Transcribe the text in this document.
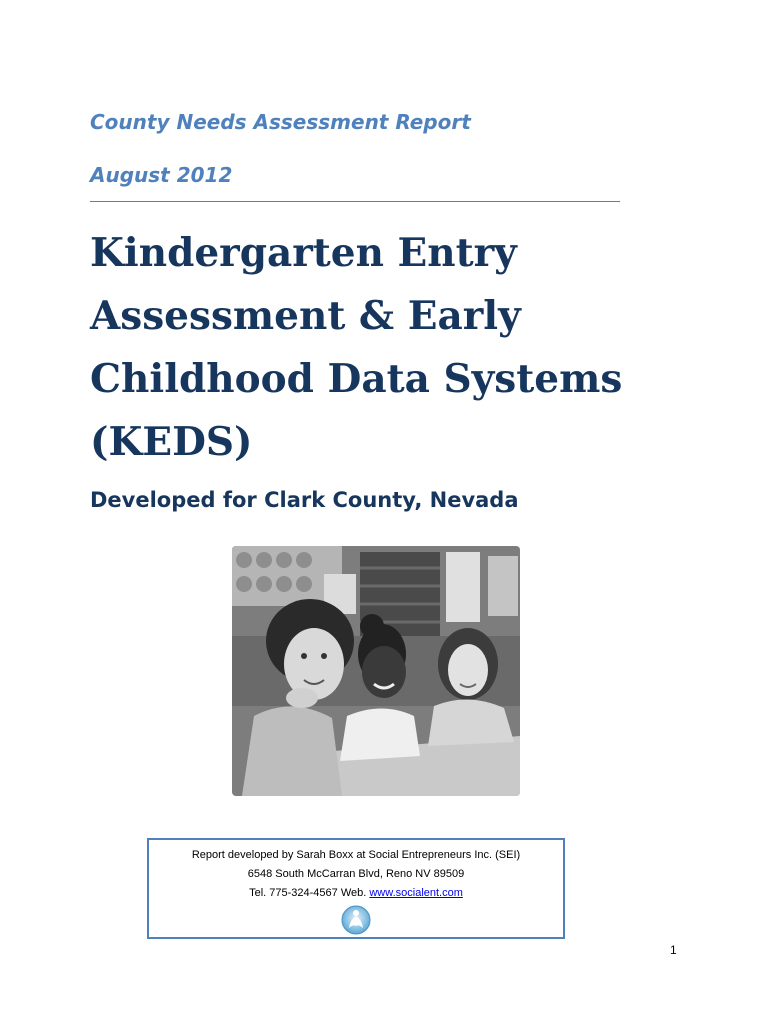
County Needs Assessment Report

August 2012

Kindergarten Entry
Assessment & Early
Childhood Data Systems
(KEDS)
Developed for Clark County, Nevada
Report developed by Sarah Boxx at Social Entrepreneurs Inc. (SEI)
6548 South McCarran Blvd, Reno NV 89509
Tel. 775-324-4567 Web. www.socialent.com
1
